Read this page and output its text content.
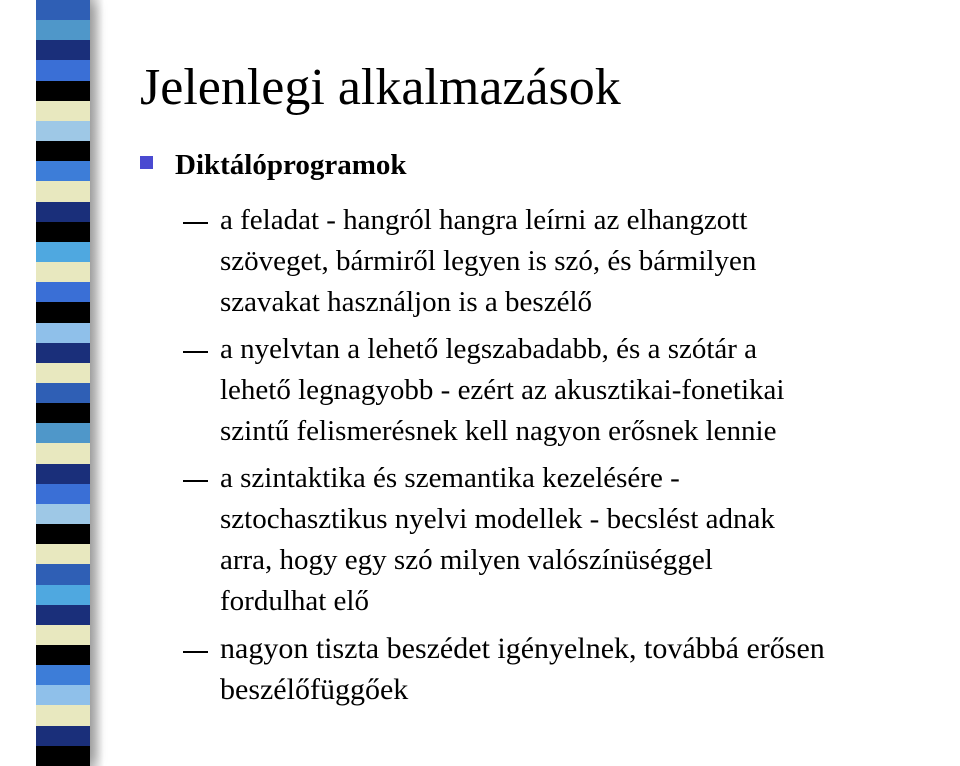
Jelenlegi alkalmazások
Diktálóprogramok
a feladat - hangról hangra leírni az elhangzott
szöveget, bármiről legyen is szó, és bármilyen
szavakat használjon is a beszélő
a nyelvtan a lehető legszabadabb, és a szótár a
lehető legnagyobb - ezért az akusztikai-fonetikai
szintű felismerésnek kell nagyon erősnek lennie
a szintaktika és szemantika kezelésére -
sztochasztikus nyelvi modellek - becslést adnak
arra, hogy egy szó milyen valószínüséggel
fordulhat elő
nagyon tiszta beszédet igényelnek, továbbá erősen
beszélőfüggőek
